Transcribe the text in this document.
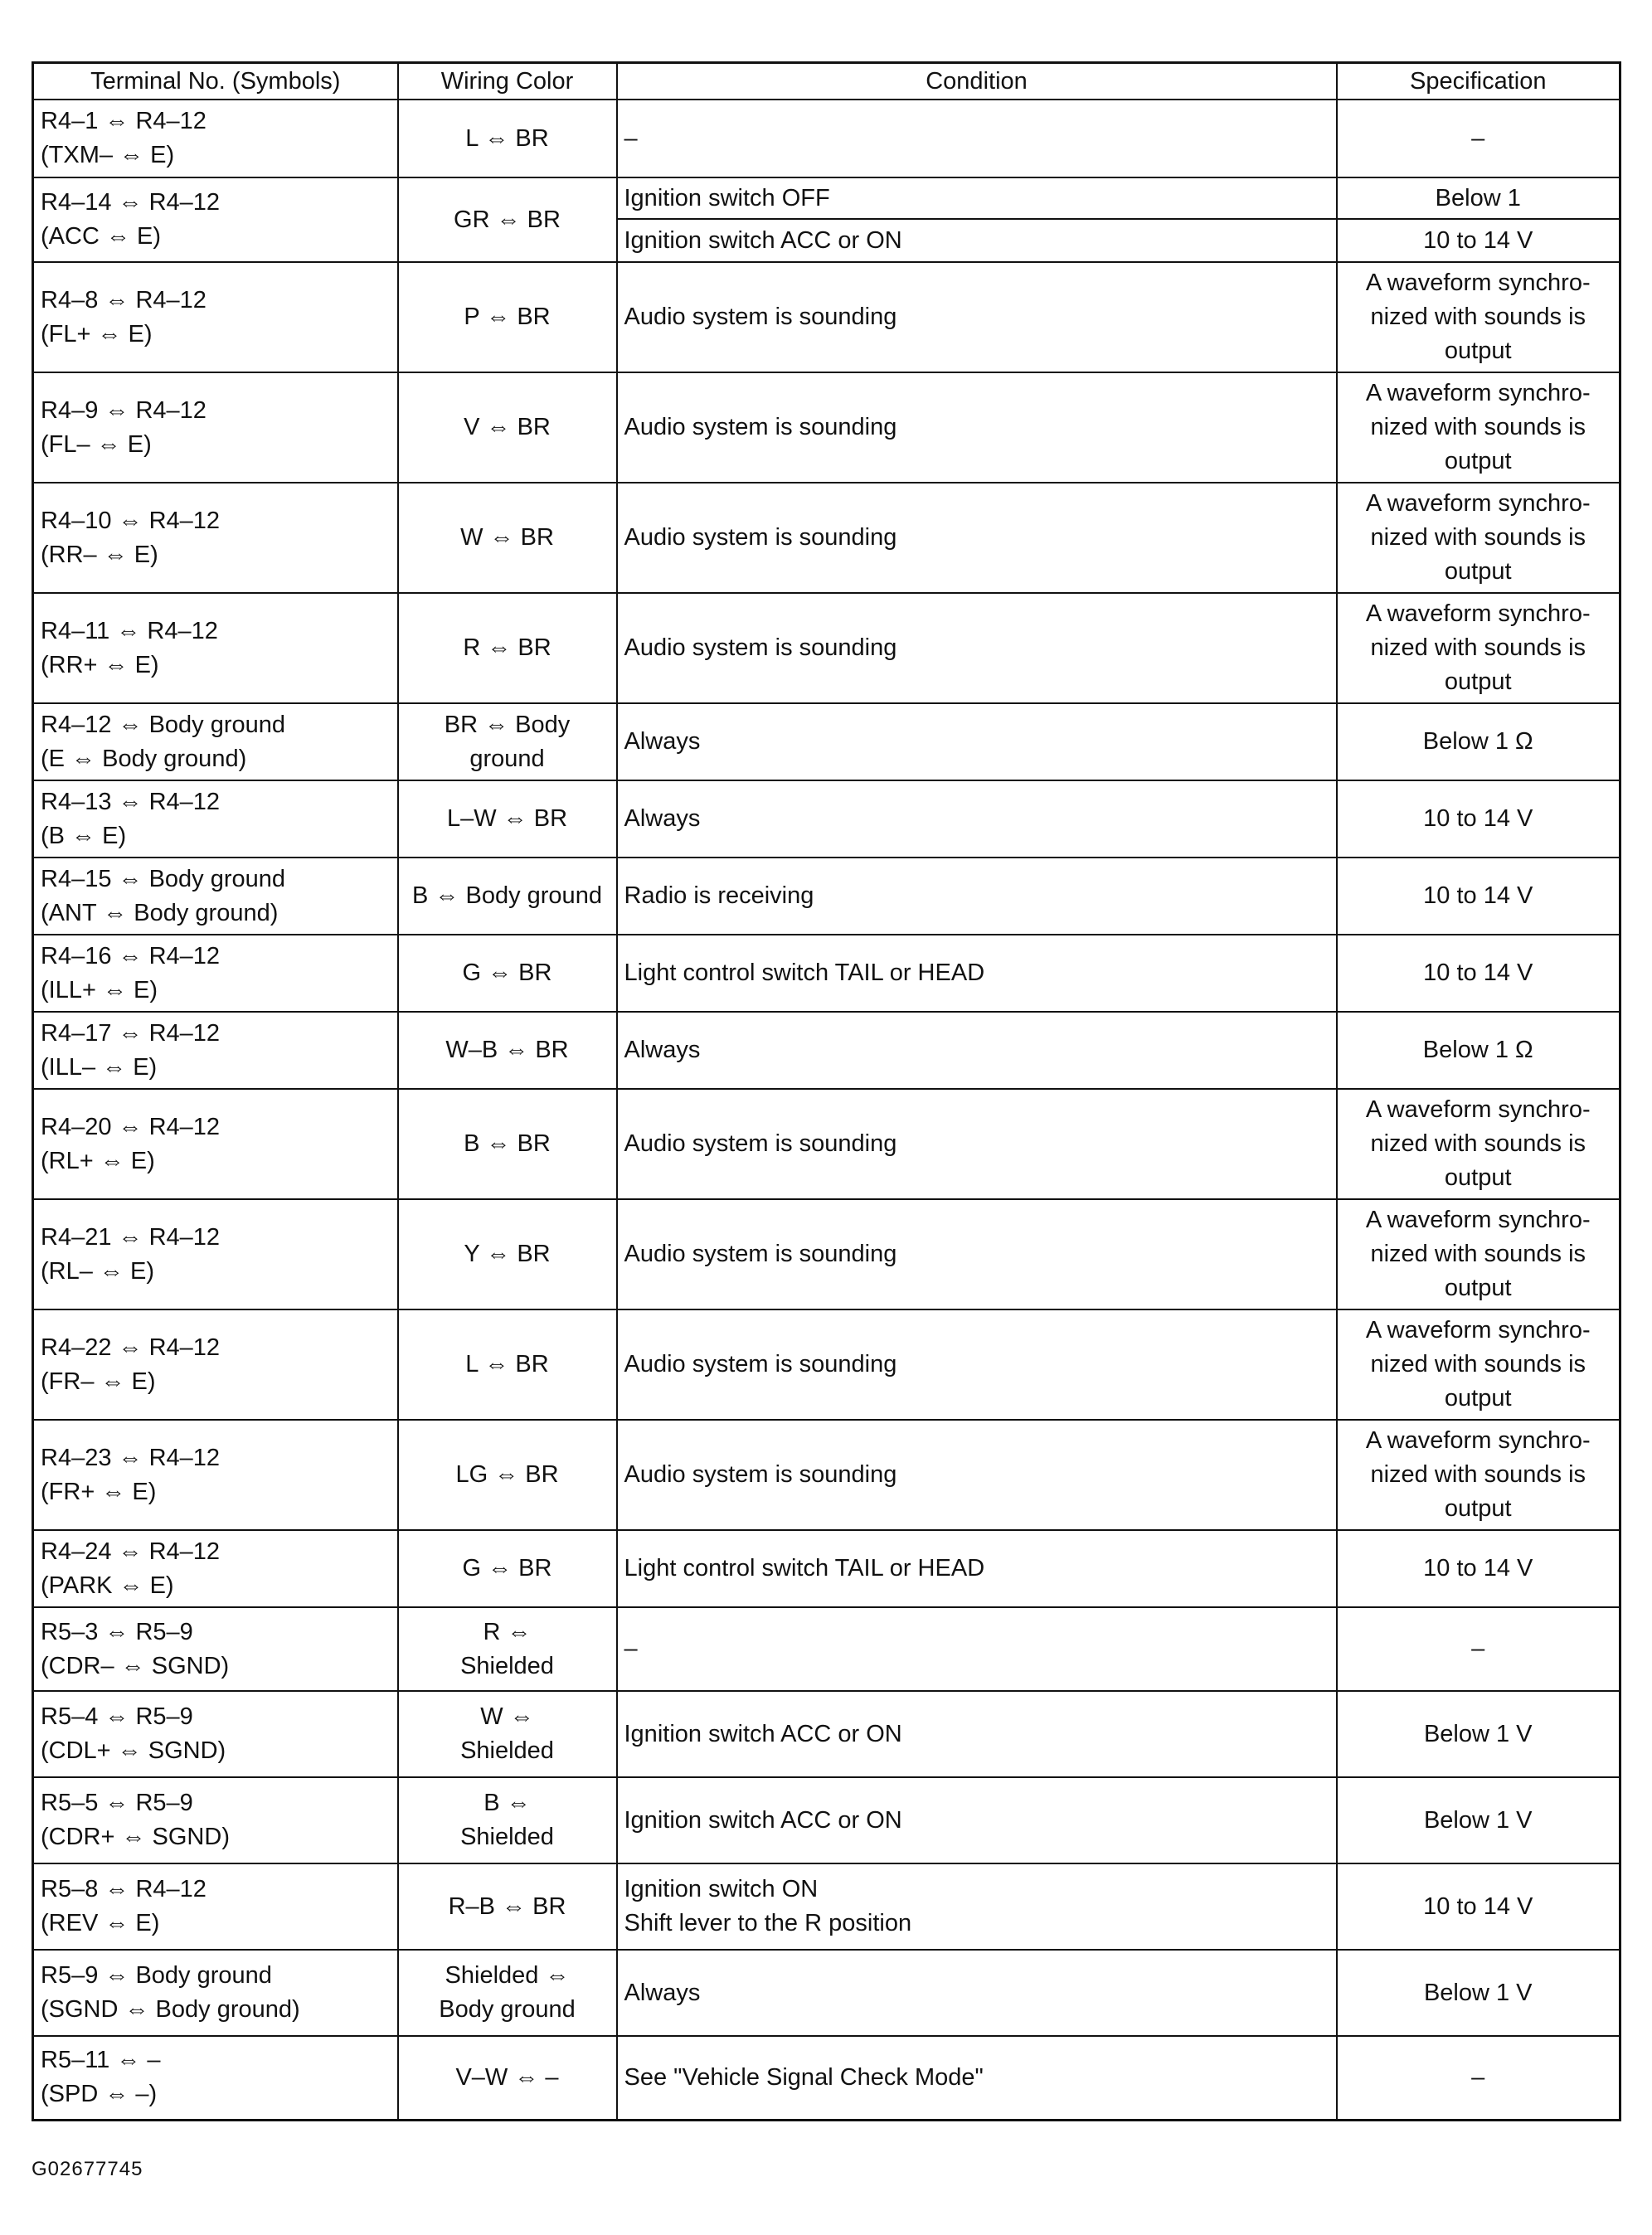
Terminal No. (Symbols)	Wiring Color	Condition	Specification

R4–1 ⇔ R4–12
(TXM– ⇔ E)	L ⇔ BR	–	–

R4–14 ⇔ R4–12
(ACC ⇔ E)	GR ⇔ BR	Ignition switch OFF	Below 1

		Ignition switch ACC or ON	10 to 14 V

R4–8 ⇔ R4–12
(FL+ ⇔ E)	P ⇔ BR	Audio system is sounding	A waveform synchro-
nized with sounds is
output

R4–9 ⇔ R4–12
(FL– ⇔ E)	V ⇔ BR	Audio system is sounding	A waveform synchro-
nized with sounds is
output

R4–10 ⇔ R4–12
(RR– ⇔ E)	W ⇔ BR	Audio system is sounding	A waveform synchro-
nized with sounds is
output

R4–11 ⇔ R4–12
(RR+ ⇔ E)	R ⇔ BR	Audio system is sounding	A waveform synchro-
nized with sounds is
output

R4–12 ⇔ Body ground
(E ⇔ Body ground)	BR ⇔ Body
ground	Always	Below 1 Ω

R4–13 ⇔ R4–12
(B ⇔ E)	L–W ⇔ BR	Always	10 to 14 V

R4–15 ⇔ Body ground
(ANT ⇔ Body ground)	B ⇔ Body ground	Radio is receiving	10 to 14 V

R4–16 ⇔ R4–12
(ILL+ ⇔ E)	G ⇔ BR	Light control switch TAIL or HEAD	10 to 14 V

R4–17 ⇔ R4–12
(ILL– ⇔ E)	W–B ⇔ BR	Always	Below 1 Ω

R4–20 ⇔ R4–12
(RL+ ⇔ E)	B ⇔ BR	Audio system is sounding	A waveform synchro-
nized with sounds is
output

R4–21 ⇔ R4–12
(RL– ⇔ E)	Y ⇔ BR	Audio system is sounding	A waveform synchro-
nized with sounds is
output

R4–22 ⇔ R4–12
(FR– ⇔ E)	L ⇔ BR	Audio system is sounding	A waveform synchro-
nized with sounds is
output

R4–23 ⇔ R4–12
(FR+ ⇔ E)	LG ⇔ BR	Audio system is sounding	A waveform synchro-
nized with sounds is
output

R4–24 ⇔ R4–12
(PARK ⇔ E)	G ⇔ BR	Light control switch TAIL or HEAD	10 to 14 V

R5–3 ⇔ R5–9
(CDR– ⇔ SGND)	R ⇔
Shielded	–	–

R5–4 ⇔ R5–9
(CDL+ ⇔ SGND)	W ⇔
Shielded	Ignition switch ACC or ON	Below 1 V

R5–5 ⇔ R5–9
(CDR+ ⇔ SGND)	B ⇔
Shielded	Ignition switch ACC or ON	Below 1 V

R5–8 ⇔ R4–12
(REV ⇔ E)	R–B ⇔ BR	Ignition switch ON
Shift lever to the R position	10 to 14 V

R5–9 ⇔ Body ground
(SGND ⇔ Body ground)	Shielded ⇔
Body ground	Always	Below 1 V

R5–11 ⇔ –
(SPD ⇔ –)	V–W ⇔ –	See "Vehicle Signal Check Mode"	–
G02677745
